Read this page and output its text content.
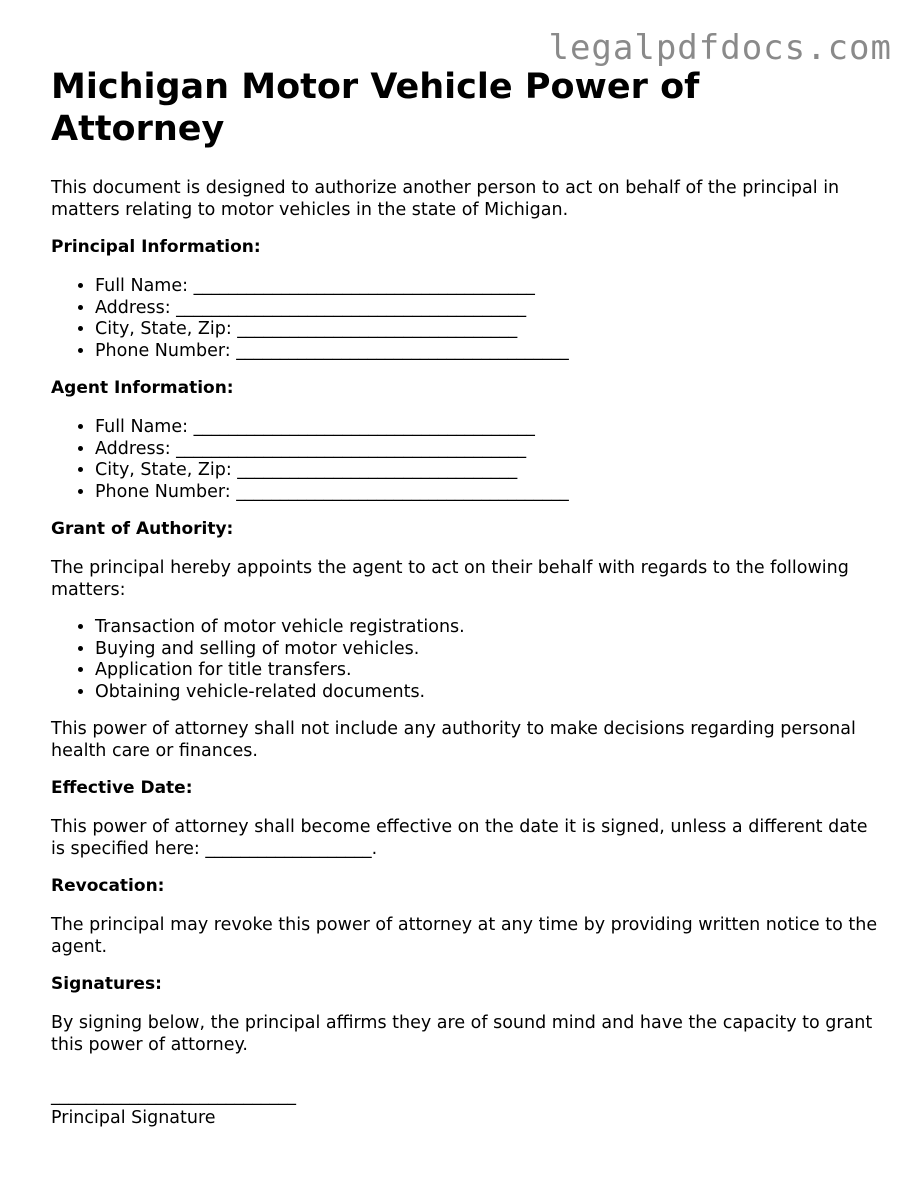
legalpdfdocs.com
Michigan Motor Vehicle Power of Attorney

This document is designed to authorize another person to act on behalf of the principal in matters relating to motor vehicles in the state of Michigan.

Principal Information:
• Full Name: _______________________________________
• Address: ________________________________________
• City, State, Zip: ________________________________
• Phone Number: ______________________________________
Agent Information:
• Full Name: _______________________________________
• Address: ________________________________________
• City, State, Zip: ________________________________
• Phone Number: ______________________________________
Grant of Authority:

The principal hereby appoints the agent to act on their behalf with regards to the following matters:

• Transaction of motor vehicle registrations.
• Buying and selling of motor vehicles.
• Application for title transfers.
• Obtaining vehicle-related documents.

This power of attorney shall not include any authority to make decisions regarding personal health care or finances.

Effective Date:

This power of attorney shall become effective on the date it is signed, unless a different date is specified here: ___________________.

Revocation:

The principal may revoke this power of attorney at any time by providing written notice to the agent.

Signatures:

By signing below, the principal affirms they are of sound mind and have the capacity to grant this power of attorney.

____________________________
Principal Signature
